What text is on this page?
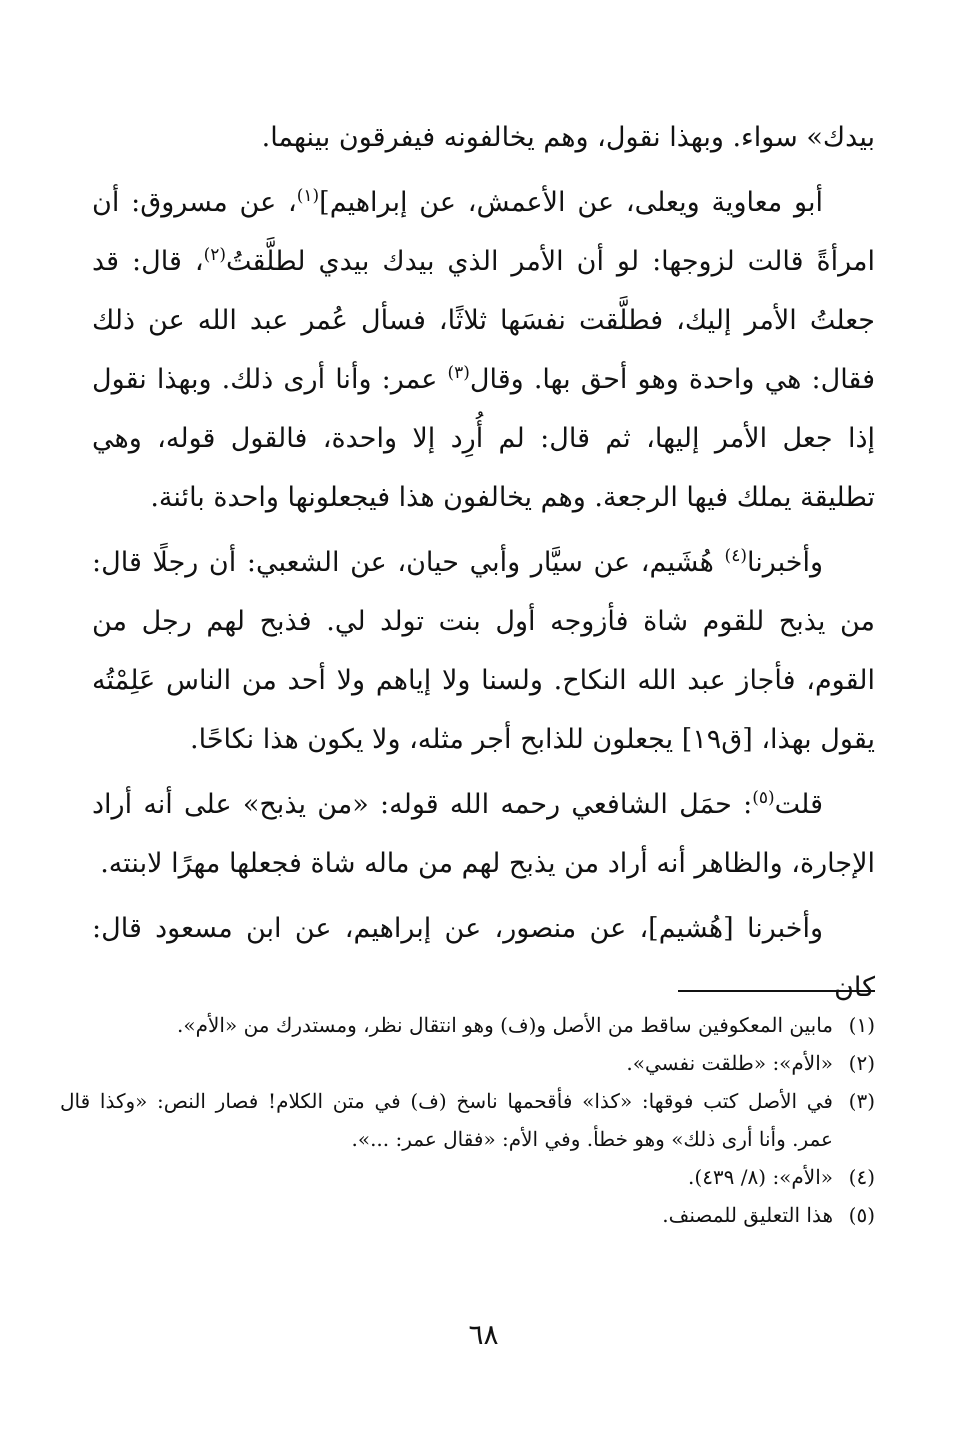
بيدك» سواء. وبهذا نقول، وهم يخالفونه فيفرقون بينهما.

أبو معاوية ويعلى، عن الأعمش، عن إبراهيم]$^{(١)}$، عن مسروق: أن امرأةً قالت لزوجها: لو أن الأمر الذي بيدك بيدي لطلَّقتُ$^{(٢)}$، قال: قد جعلتُ الأمر إليك، فطلَّقت نفسَها ثلاثًا، فسأل عُمر عبد الله عن ذلك فقال: هي واحدة وهو أحق بها. وقال$^{(٣)}$ عمر: وأنا أرى ذلك. وبهذا نقول إذا جعل الأمر إليها، ثم قال: لم أُرِد إلا واحدة، فالقول قوله، وهي تطليقة يملك فيها الرجعة. وهم يخالفون هذا فيجعلونها واحدة بائنة.

وأخبرنا$^{(٤)}$ هُشَيم، عن سيَّار وأبي حيان، عن الشعبي: أن رجلًا قال: من يذبح للقوم شاة فأزوجه أول بنت تولد لي. فذبح لهم رجل من القوم، فأجاز عبد الله النكاح. ولسنا ولا إياهم ولا أحد من الناس عَلِمْتُه يقول بهذا، [ق١٩] يجعلون للذابح أجر مثله، ولا يكون هذا نكاحًا.

قلت$^{(٥)}$: حمَل الشافعي رحمه الله قوله: «من يذبح» على أنه أراد الإجارة، والظاهر أنه أراد من يذبح لهم من ماله شاة فجعلها مهرًا لابنته.

وأخبرنا [هُشيم]، عن منصور، عن إبراهيم، عن ابن مسعود قال: كان

(١)
مابين المعكوفين ساقط من الأصل و(ف) وهو انتقال نظر، ومستدرك من «الأم».
(٢)
«الأم»: «طلقت نفسي».
(٣)
في الأصل كتب فوقها: «كذا» فأقحمها ناسخ (ف) في متن الكلام! فصار النص: «وكذا قال عمر. وأنا أرى ذلك» وهو خطأ. وفي الأم: «فقال عمر: ...».
(٤)
«الأم»: (٨/ ٤٣٩).
(٥)
هذا التعليق للمصنف.
٦٨
